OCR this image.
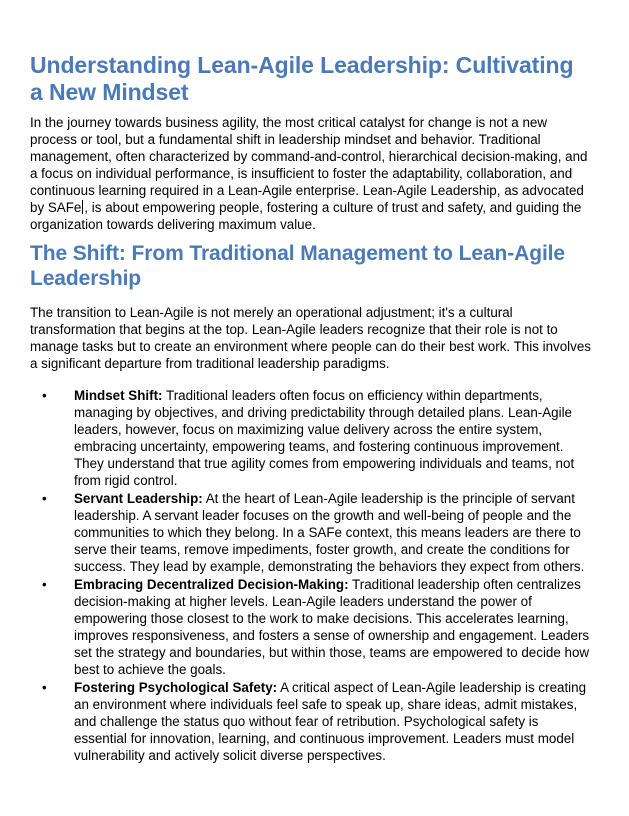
Understanding Lean-Agile Leadership: Cultivating a New Mindset

In the journey towards business agility, the most critical catalyst for change is not a new process or tool, but a fundamental shift in leadership mindset and behavior. Traditional management, often characterized by command-and-control, hierarchical decision-making, and a focus on individual performance, is insufficient to foster the adaptability, collaboration, and continuous learning required in a Lean-Agile enterprise. Lean-Agile Leadership, as advocated by SAFe , is about empowering people, fostering a culture of trust and safety, and guiding the organization towards delivering maximum value.

The Shift: From Traditional Management to Lean-Agile Leadership

The transition to Lean-Agile is not merely an operational adjustment; it's a cultural transformation that begins at the top. Lean-Agile leaders recognize that their role is not to manage tasks but to create an environment where people can do their best work. This involves a significant departure from traditional leadership paradigms.

• Mindset Shift: Traditional leaders often focus on efficiency within departments, managing by objectives, and driving predictability through detailed plans. Lean-Agile leaders, however, focus on maximizing value delivery across the entire system, embracing uncertainty, empowering teams, and fostering continuous improvement. They understand that true agility comes from empowering individuals and teams, not from rigid control.
• Servant Leadership: At the heart of Lean-Agile leadership is the principle of servant leadership. A servant leader focuses on the growth and well-being of people and the communities to which they belong. In a SAFe context, this means leaders are there to serve their teams, remove impediments, foster growth, and create the conditions for success. They lead by example, demonstrating the behaviors they expect from others.
• Embracing Decentralized Decision-Making: Traditional leadership often centralizes decision-making at higher levels. Lean-Agile leaders understand the power of empowering those closest to the work to make decisions. This accelerates learning, improves responsiveness, and fosters a sense of ownership and engagement. Leaders set the strategy and boundaries, but within those, teams are empowered to decide how best to achieve the goals.
• Fostering Psychological Safety: A critical aspect of Lean-Agile leadership is creating an environment where individuals feel safe to speak up, share ideas, admit mistakes, and challenge the status quo without fear of retribution. Psychological safety is essential for innovation, learning, and continuous improvement. Leaders must model vulnerability and actively solicit diverse perspectives.
